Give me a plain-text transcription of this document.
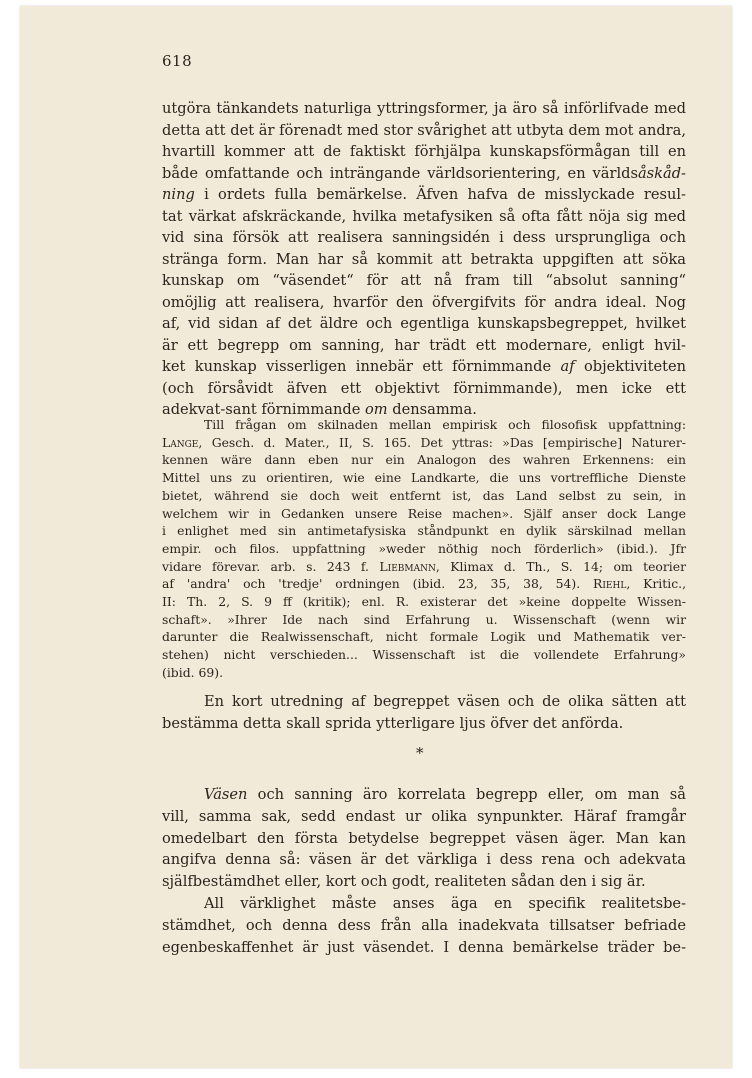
618
utgöra tänkandets naturliga yttringsformer, ja äro så införlifvade med
detta att det är förenadt med stor svårighet att utbyta dem mot andra,
hvartill kommer att de faktiskt förhjälpa kunskapsförmågan till en
både omfattande och inträngande världsorientering, en världsåskåd-
ning i ordets fulla bemärkelse. Äfven hafva de misslyckade resul-
tat värkat afskräckande, hvilka metafysiken så ofta fått nöja sig med
vid sina försök att realisera sanningsidén i dess ursprungliga och
stränga form. Man har så kommit att betrakta uppgiften att söka
kunskap om “väsendet“ för att nå fram till “absolut sanning“
omöjlig att realisera, hvarför den öfvergifvits för andra ideal. Nog
af, vid sidan af det äldre och egentliga kunskapsbegreppet, hvilket
är ett begrepp om sanning, har trädt ett modernare, enligt hvil-
ket kunskap visserligen innebär ett förnimmande af objektiviteten
(och försåvidt äfven ett objektivt förnimmande), men icke ett
adekvat-sant förnimmande om densamma.
Till frågan om skilnaden mellan empirisk och filosofisk uppfattning:
Lange, Gesch. d. Mater., II, S. 165. Det yttras: »Das [empirische] Naturer-
kennen wäre dann eben nur ein Analogon des wahren Erkennens: ein
Mittel uns zu orientiren, wie eine Landkarte, die uns vortreffliche Dienste
bietet, während sie doch weit entfernt ist, das Land selbst zu sein, in
welchem wir in Gedanken unsere Reise machen». Själf anser dock Lange
i enlighet med sin antimetafysiska ståndpunkt en dylik särskilnad mellan
empir. och filos. uppfattning »weder nöthig noch förderlich» (ibid.). Jfr
vidare förevar. arb. s. 243 f. Liebmann, Klimax d. Th., S. 14; om teorier
af 'andra' och 'tredje' ordningen (ibid. 23, 35, 38, 54). Riehl, Kritic.,
II: Th. 2, S. 9 ff (kritik); enl. R. existerar det »keine doppelte Wissen-
schaft». »Ihrer Ide nach sind Erfahrung u. Wissenschaft (wenn wir
darunter die Realwissenschaft, nicht formale Logik und Mathematik ver-
stehen) nicht verschieden... Wissenschaft ist die vollendete Erfahrung»
(ibid. 69).
En kort utredning af begreppet väsen och de olika sätten att
bestämma detta skall sprida ytterligare ljus öfver det anförda.
*
Väsen och sanning äro korrelata begrepp eller, om man så
vill, samma sak, sedd endast ur olika synpunkter. Häraf framgår
omedelbart den första betydelse begreppet väsen äger. Man kan
angifva denna så: väsen är det värkliga i dess rena och adekvata
själfbestämdhet eller, kort och godt, realiteten sådan den i sig är.
All värklighet måste anses äga en specifik realitetsbe-
stämdhet, och denna dess från alla inadekvata tillsatser befriade
egenbeskaffenhet är just väsendet. I denna bemärkelse träder be-
